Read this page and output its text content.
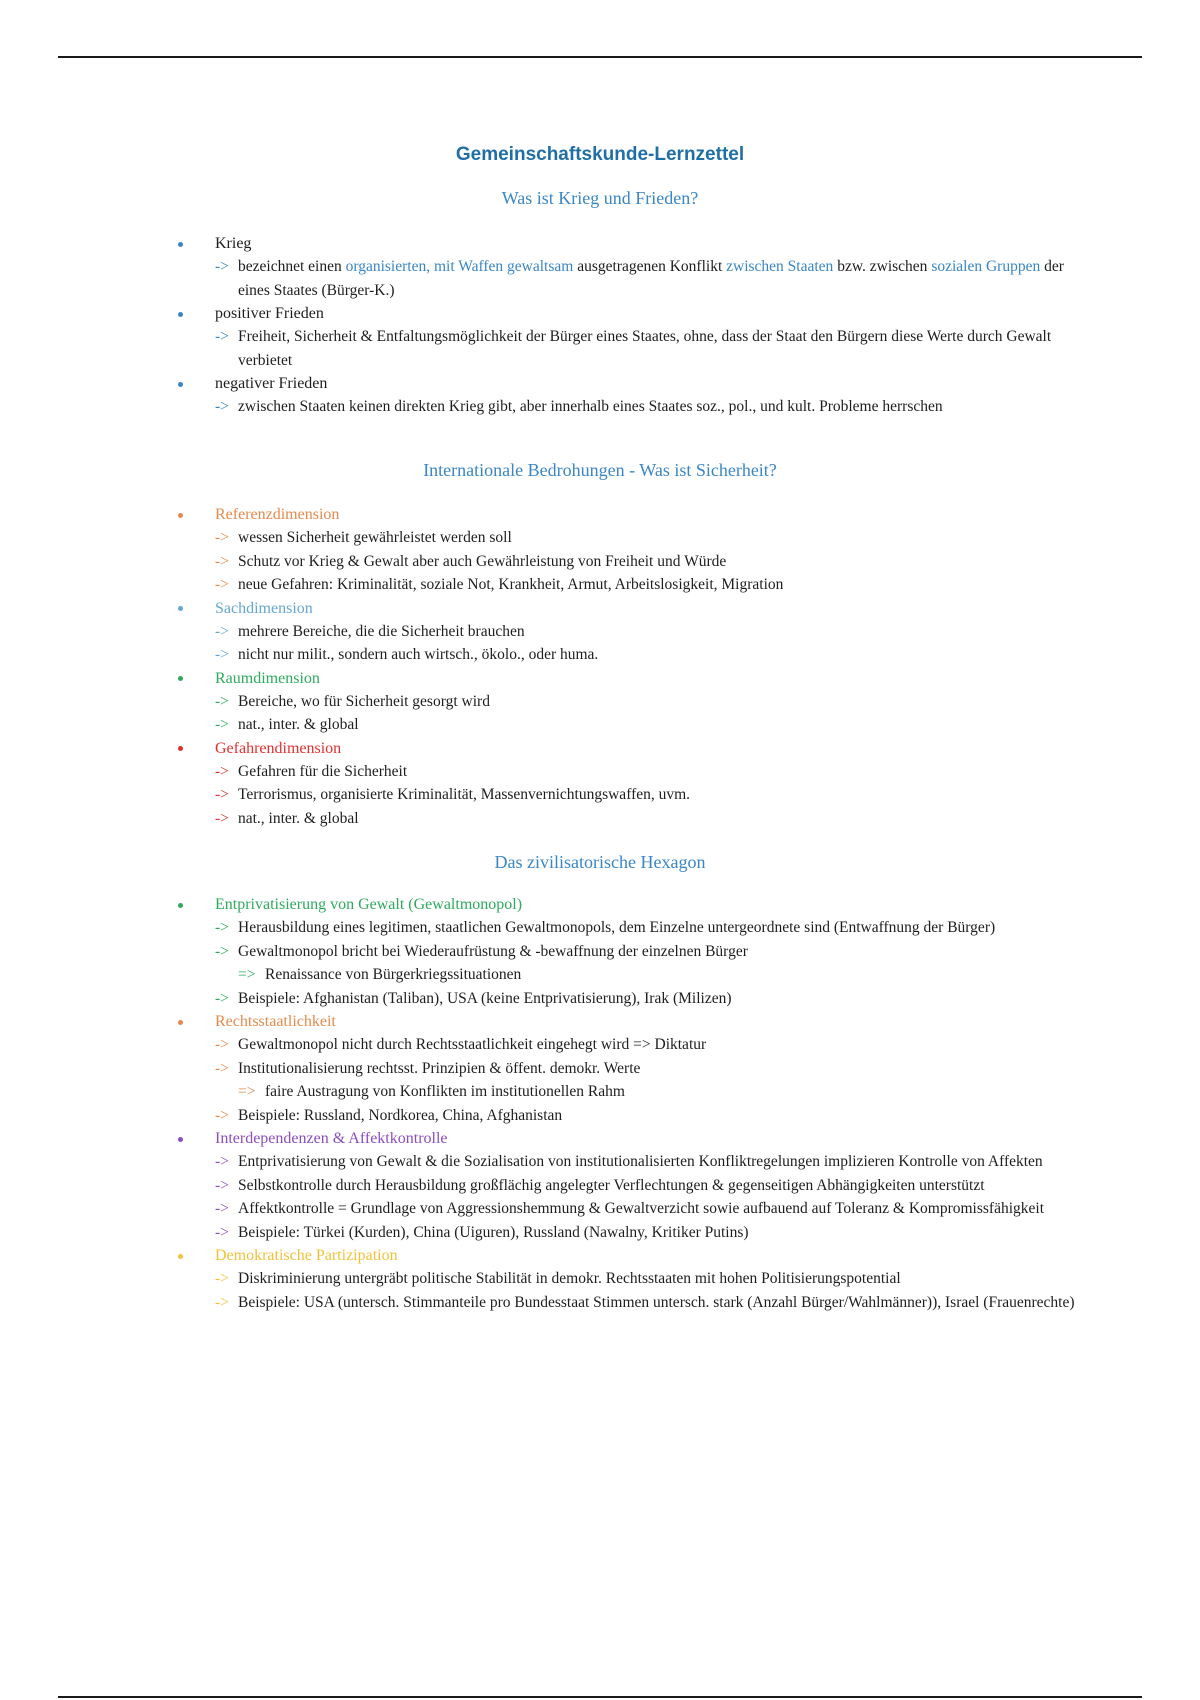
Gemeinschaftskunde-Lernzettel
Was ist Krieg und Frieden?
Krieg
-> bezeichnet einen organisierten, mit Waffen gewaltsam ausgetragenen Konflikt zwischen Staaten bzw. zwischen sozialen Gruppen der eines Staates (Bürger-K.)
positiver Frieden
-> Freiheit, Sicherheit & Entfaltungsmöglichkeit der Bürger eines Staates, ohne, dass der Staat den Bürgern diese Werte durch Gewalt verbietet
negativer Frieden
-> zwischen Staaten keinen direkten Krieg gibt, aber innerhalb eines Staates soz., pol., und kult. Probleme herrschen
Internationale Bedrohungen - Was ist Sicherheit?
Referenzdimension
-> wessen Sicherheit gewährleistet werden soll
-> Schutz vor Krieg & Gewalt aber auch Gewährleistung von Freiheit und Würde
-> neue Gefahren: Kriminalität, soziale Not, Krankheit, Armut, Arbeitslosigkeit, Migration
Sachdimension
-> mehrere Bereiche, die die Sicherheit brauchen
-> nicht nur milit., sondern auch wirtsch., ökolo., oder huma.
Raumdimension
-> Bereiche, wo für Sicherheit gesorgt wird
-> nat., inter. & global
Gefahrendimension
-> Gefahren für die Sicherheit
-> Terrorismus, organisierte Kriminalität, Massenvernichtungswaffen, uvm.
-> nat., inter. & global
Das zivilisatorische Hexagon
Entprivatisierung von Gewalt (Gewaltmonopol)
-> Herausbildung eines legitimen, staatlichen Gewaltmonopols, dem Einzelne untergeordnete sind (Entwaffnung der Bürger)
-> Gewaltmonopol bricht bei Wiederaufrüstung & -bewaffnung der einzelnen Bürger
=> Renaissance von Bürgerkriegssituationen
-> Beispiele: Afghanistan (Taliban), USA (keine Entprivatisierung), Irak (Milizen)
Rechtsstaatlichkeit
-> Gewaltmonopol nicht durch Rechtsstaatlichkeit eingehegt wird => Diktatur
-> Institutionalisierung rechtsst. Prinzipien & öffent. demokr. Werte
=> faire Austragung von Konflikten im institutionellen Rahm
-> Beispiele: Russland, Nordkorea, China, Afghanistan
Interdependenzen & Affektkontrolle
-> Entprivatisierung von Gewalt & die Sozialisation von institutionalisierten Konfliktregelungen implizieren Kontrolle von Affekten
-> Selbstkontrolle durch Herausbildung großflächig angelegter Verflechtungen & gegenseitigen Abhängigkeiten unterstützt
-> Affektkontrolle = Grundlage von Aggressionshemmung & Gewaltverzicht sowie aufbauend auf Toleranz & Kompromissfähigkeit
-> Beispiele: Türkei (Kurden), China (Uiguren), Russland (Nawalny, Kritiker Putins)
Demokratische Partizipation
-> Diskriminierung untergräbt politische Stabilität in demokr. Rechtsstaaten mit hohen Politisierungspotential
-> Beispiele: USA (untersch. Stimmanteile pro Bundesstaat Stimmen untersch. stark (Anzahl Bürger/Wahlmänner)), Israel (Frauenrechte)
